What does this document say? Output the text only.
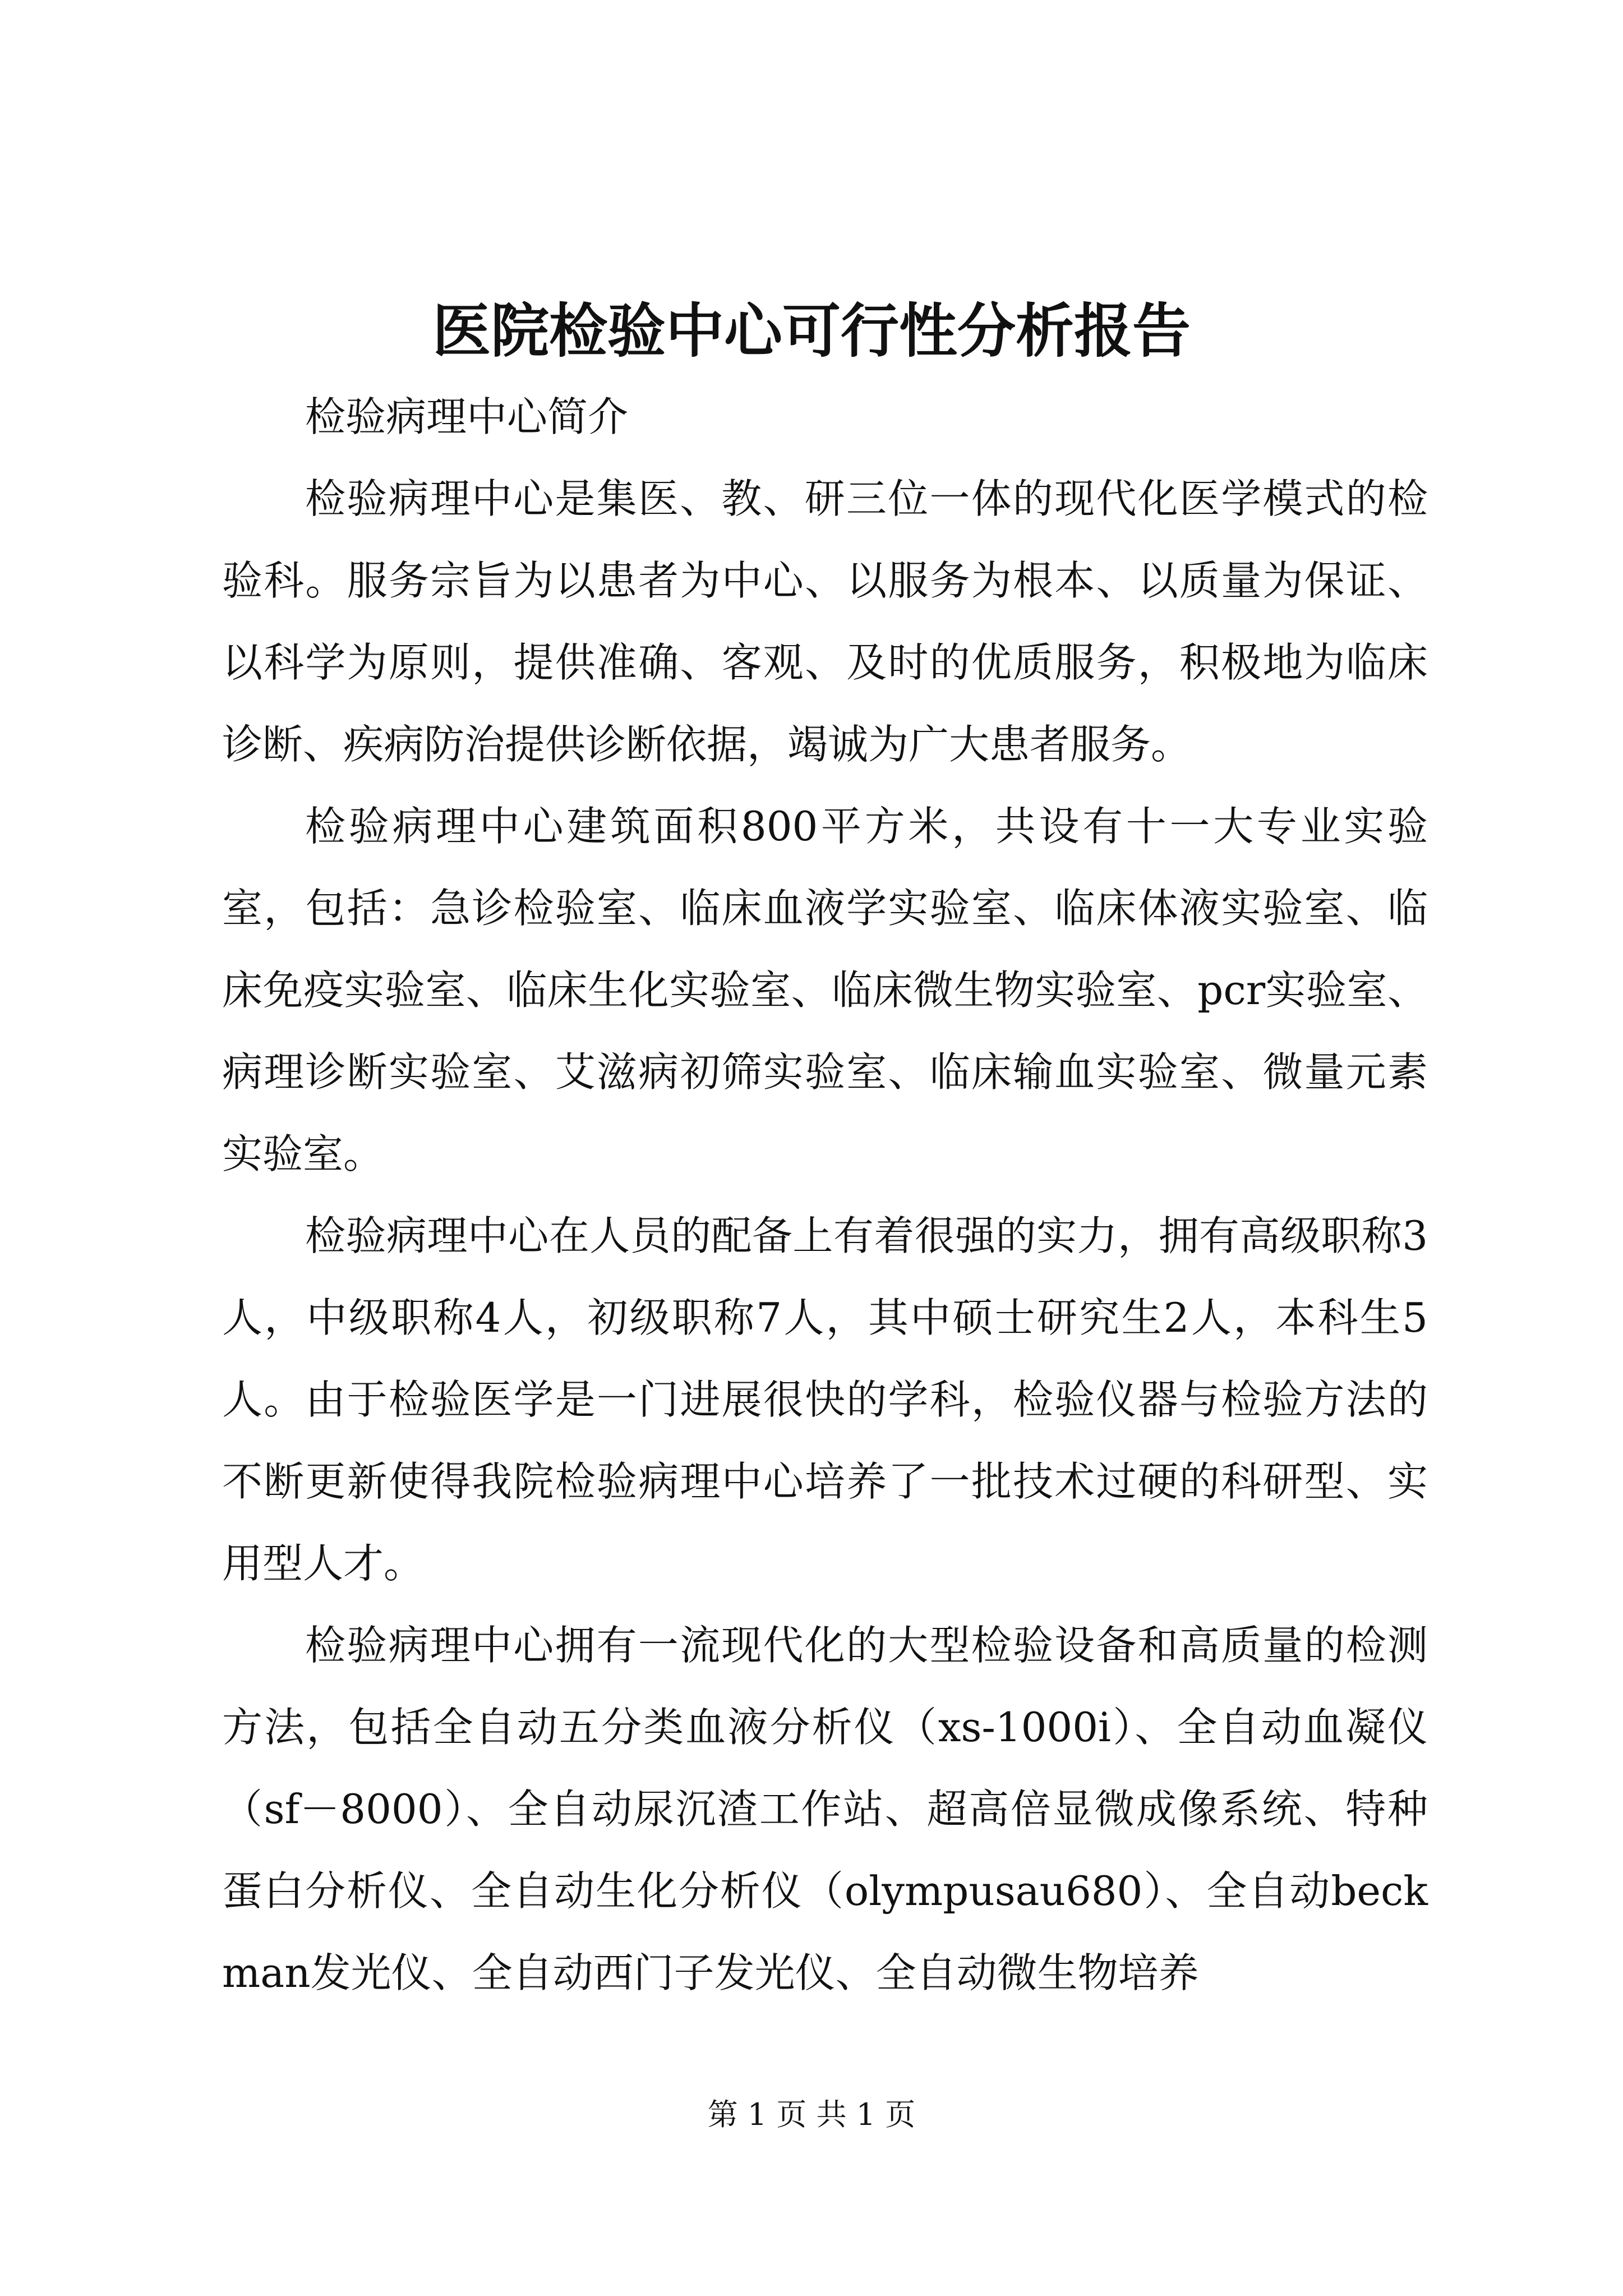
医院检验中心可行性分析报告

检验病理中心简介

检验病理中心是集医、教、研三位一体的现代化医学模式的检验科。服务宗旨为以患者为中心、以服务为根本、以质量为保证、以科学为原则，提供准确、客观、及时的优质服务，积极地为临床诊断、疾病防治提供诊断依据，竭诚为广大患者服务。

检验病理中心建筑面积800平方米，共设有十一大专业实验室，包括：急诊检验室、临床血液学实验室、临床体液实验室、临床免疫实验室、临床生化实验室、临床微生物实验室、pcr实验室、病理诊断实验室、艾滋病初筛实验室、临床输血实验室、微量元素实验室。

检验病理中心在人员的配备上有着很强的实力，拥有高级职称3人，中级职称4人，初级职称7人，其中硕士研究生2人，本科生5人。由于检验医学是一门进展很快的学科，检验仪器与检验方法的不断更新使得我院检验病理中心培养了一批技术过硬的科研型、实用型人才。

检验病理中心拥有一流现代化的大型检验设备和高质量的检测方法，包括全自动五分类血液分析仪（xs-1000i）、全自动血凝仪（sf－8000）、全自动尿沉渣工作站、超高倍显微成像系统、特种蛋白分析仪、全自动生化分析仪（olympusau680）、全自动beckman发光仪、全自动西门子发光仪、全自动微生物培养

第 1 页 共 1 页
